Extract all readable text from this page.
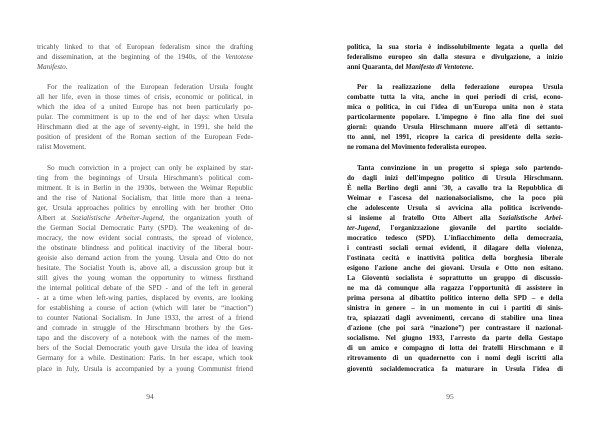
tricably linked to that of European federalism since the drafting
and dissemination, at the beginning of the 1940s, of the Ventotene
Manifesto.
For the realization of the European federation Ursula fought
all her life, even in those times of crisis, economic or political, in
which the idea of a united Europe has not been particularly po-
pular. The commitment is up to the end of her days: when Ursula
Hirschmann died at the age of seventy-eight, in 1991, she held the
position of president of the Roman section of the European Fede-
ralist Movement.
So much conviction in a project can only be explained by star-
ting from the beginnings of Ursula Hirschmann's political com-
mitment. It is in Berlin in the 1930s, between the Weimar Republic
and the rise of National Socialism, that little more than a teena-
ger, Ursula approaches politics by enrolling with her brother Otto
Albert at Sozialistische Arbeiter-Jugend, the organization youth of
the German Social Democratic Party (SPD). The weakening of de-
mocracy, the now evident social contrasts, the spread of violence,
the obstinate blindness and political inactivity of the liberal bour-
geoisie also demand action from the young. Ursula and Otto do not
hesitate. The Socialist Youth is, above all, a discussion group but it
still gives the young woman the opportunity to witness firsthand
the internal political debate of the SPD - and of the left in general
- at a time when left-wing parties, displaced by events, are looking
for establishing a course of action (which will later be “inaction”)
to counter National Socialism. In June 1933, the arrest of a friend
and comrade in struggle of the Hirschmann brothers by the Ges-
tapo and the discovery of a notebook with the names of the mem-
bers of the Social Democratic youth gave Ursula the idea of leaving
Germany for a while. Destination: Paris. In her escape, which took
place in July, Ursula is accompanied by a young Communist friend
94
politica, la sua storia è indissolubilmente legata a quella del
federalismo europeo sin dalla stesura e divulgazione, a inizio
anni Quaranta, del Manifesto di Ventotene.
Per la realizzazione della federazione europea Ursula
combatte tutta la vita, anche in quei periodi di crisi, econo-
mica o politica, in cui l'idea di un'Europa unita non è stata
particolarmente popolare. L'impegno è fino alla fine dei suoi
giorni: quando Ursula Hirschmann muore all'età di settanto-
tto anni, nel 1991, ricopre la carica di presidente della sezio-
ne romana del Movimento federalista europeo.
Tanta convinzione in un progetto si spiega solo partendo-
do dagli inizi dell'impegno politico di Ursula Hirschmann.
È nella Berlino degli anni '30, a cavallo tra la Repubblica di
Weimar e l'ascesa del nazionalsocialismo, che la poco più
che adolescente Ursula si avvicina alla politica iscrivendo-
si insieme al fratello Otto Albert alla Sozialistische Arbei-
ter-Jugend, l'organizzazione giovanile del partito socialde-
mocratico tedesco (SPD). L'infiacchimento della democrazia,
i contrasti sociali ormai evidenti, il dilagare della violenza,
l'ostinata cecità e inattività politica della borghesia liberale
esigono l'azione anche dei giovani. Ursula e Otto non esitano.
La Gioventù socialista è soprattutto un gruppo di discussio-
ne ma dà comunque alla ragazza l'opportunità di assistere in
prima persona al dibattito politico interno della SPD – e della
sinistra in genere – in un momento in cui i partiti di sinis-
tra, spiazzati dagli avvenimenti, cercano di stabilire una linea
d'azione (che poi sarà “inazione”) per contrastare il nazional-
socialismo. Nel giugno 1933, l'arresto da parte della Gestapo
di un amico e compagno di lotta dei fratelli Hirschmann e il
ritrovamento di un quadernetto con i nomi degli iscritti alla
gioventù socialdemocratica fa maturare in Ursula l'idea di
95
